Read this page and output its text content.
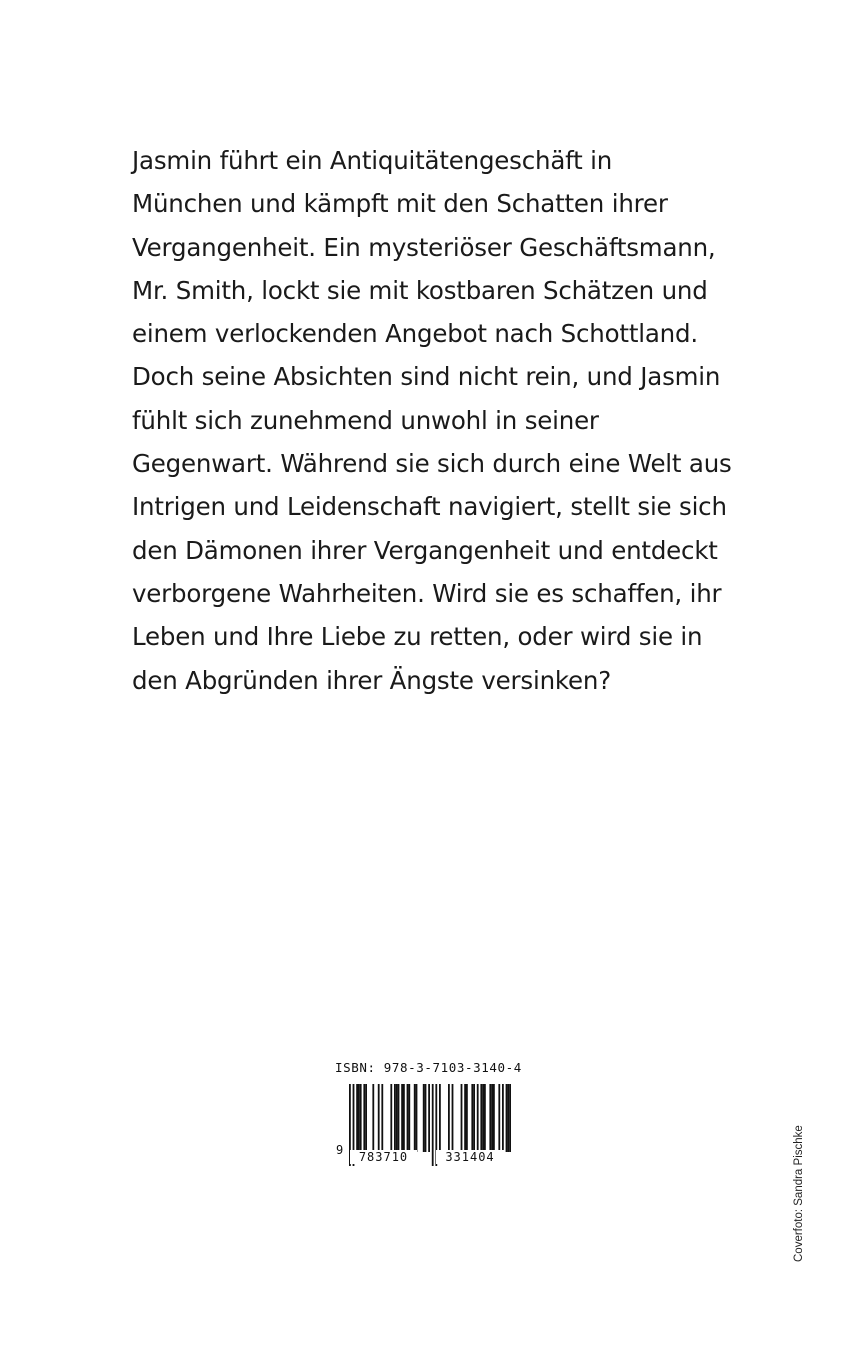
Jasmin führt ein Antiquitätengeschäft in
München und kämpft mit den Schatten ihrer
Vergangenheit. Ein mysteriöser Geschäftsmann,
Mr. Smith, lockt sie mit kostbaren Schätzen und
einem verlockenden Angebot nach Schottland.
Doch seine Absichten sind nicht rein, und Jasmin
fühlt sich zunehmend unwohl in seiner
Gegenwart. Während sie sich durch eine Welt aus
Intrigen und Leidenschaft navigiert, stellt sie sich
den Dämonen ihrer Vergangenheit und entdeckt
verborgene Wahrheiten. Wird sie es schaffen, ihr
Leben und Ihre Liebe zu retten, oder wird sie in
den Abgründen ihrer Ängste versinken?
ISBN: 978-3-7103-3140-4
9	783710	331404	Coverfoto: Sandra Pischke
